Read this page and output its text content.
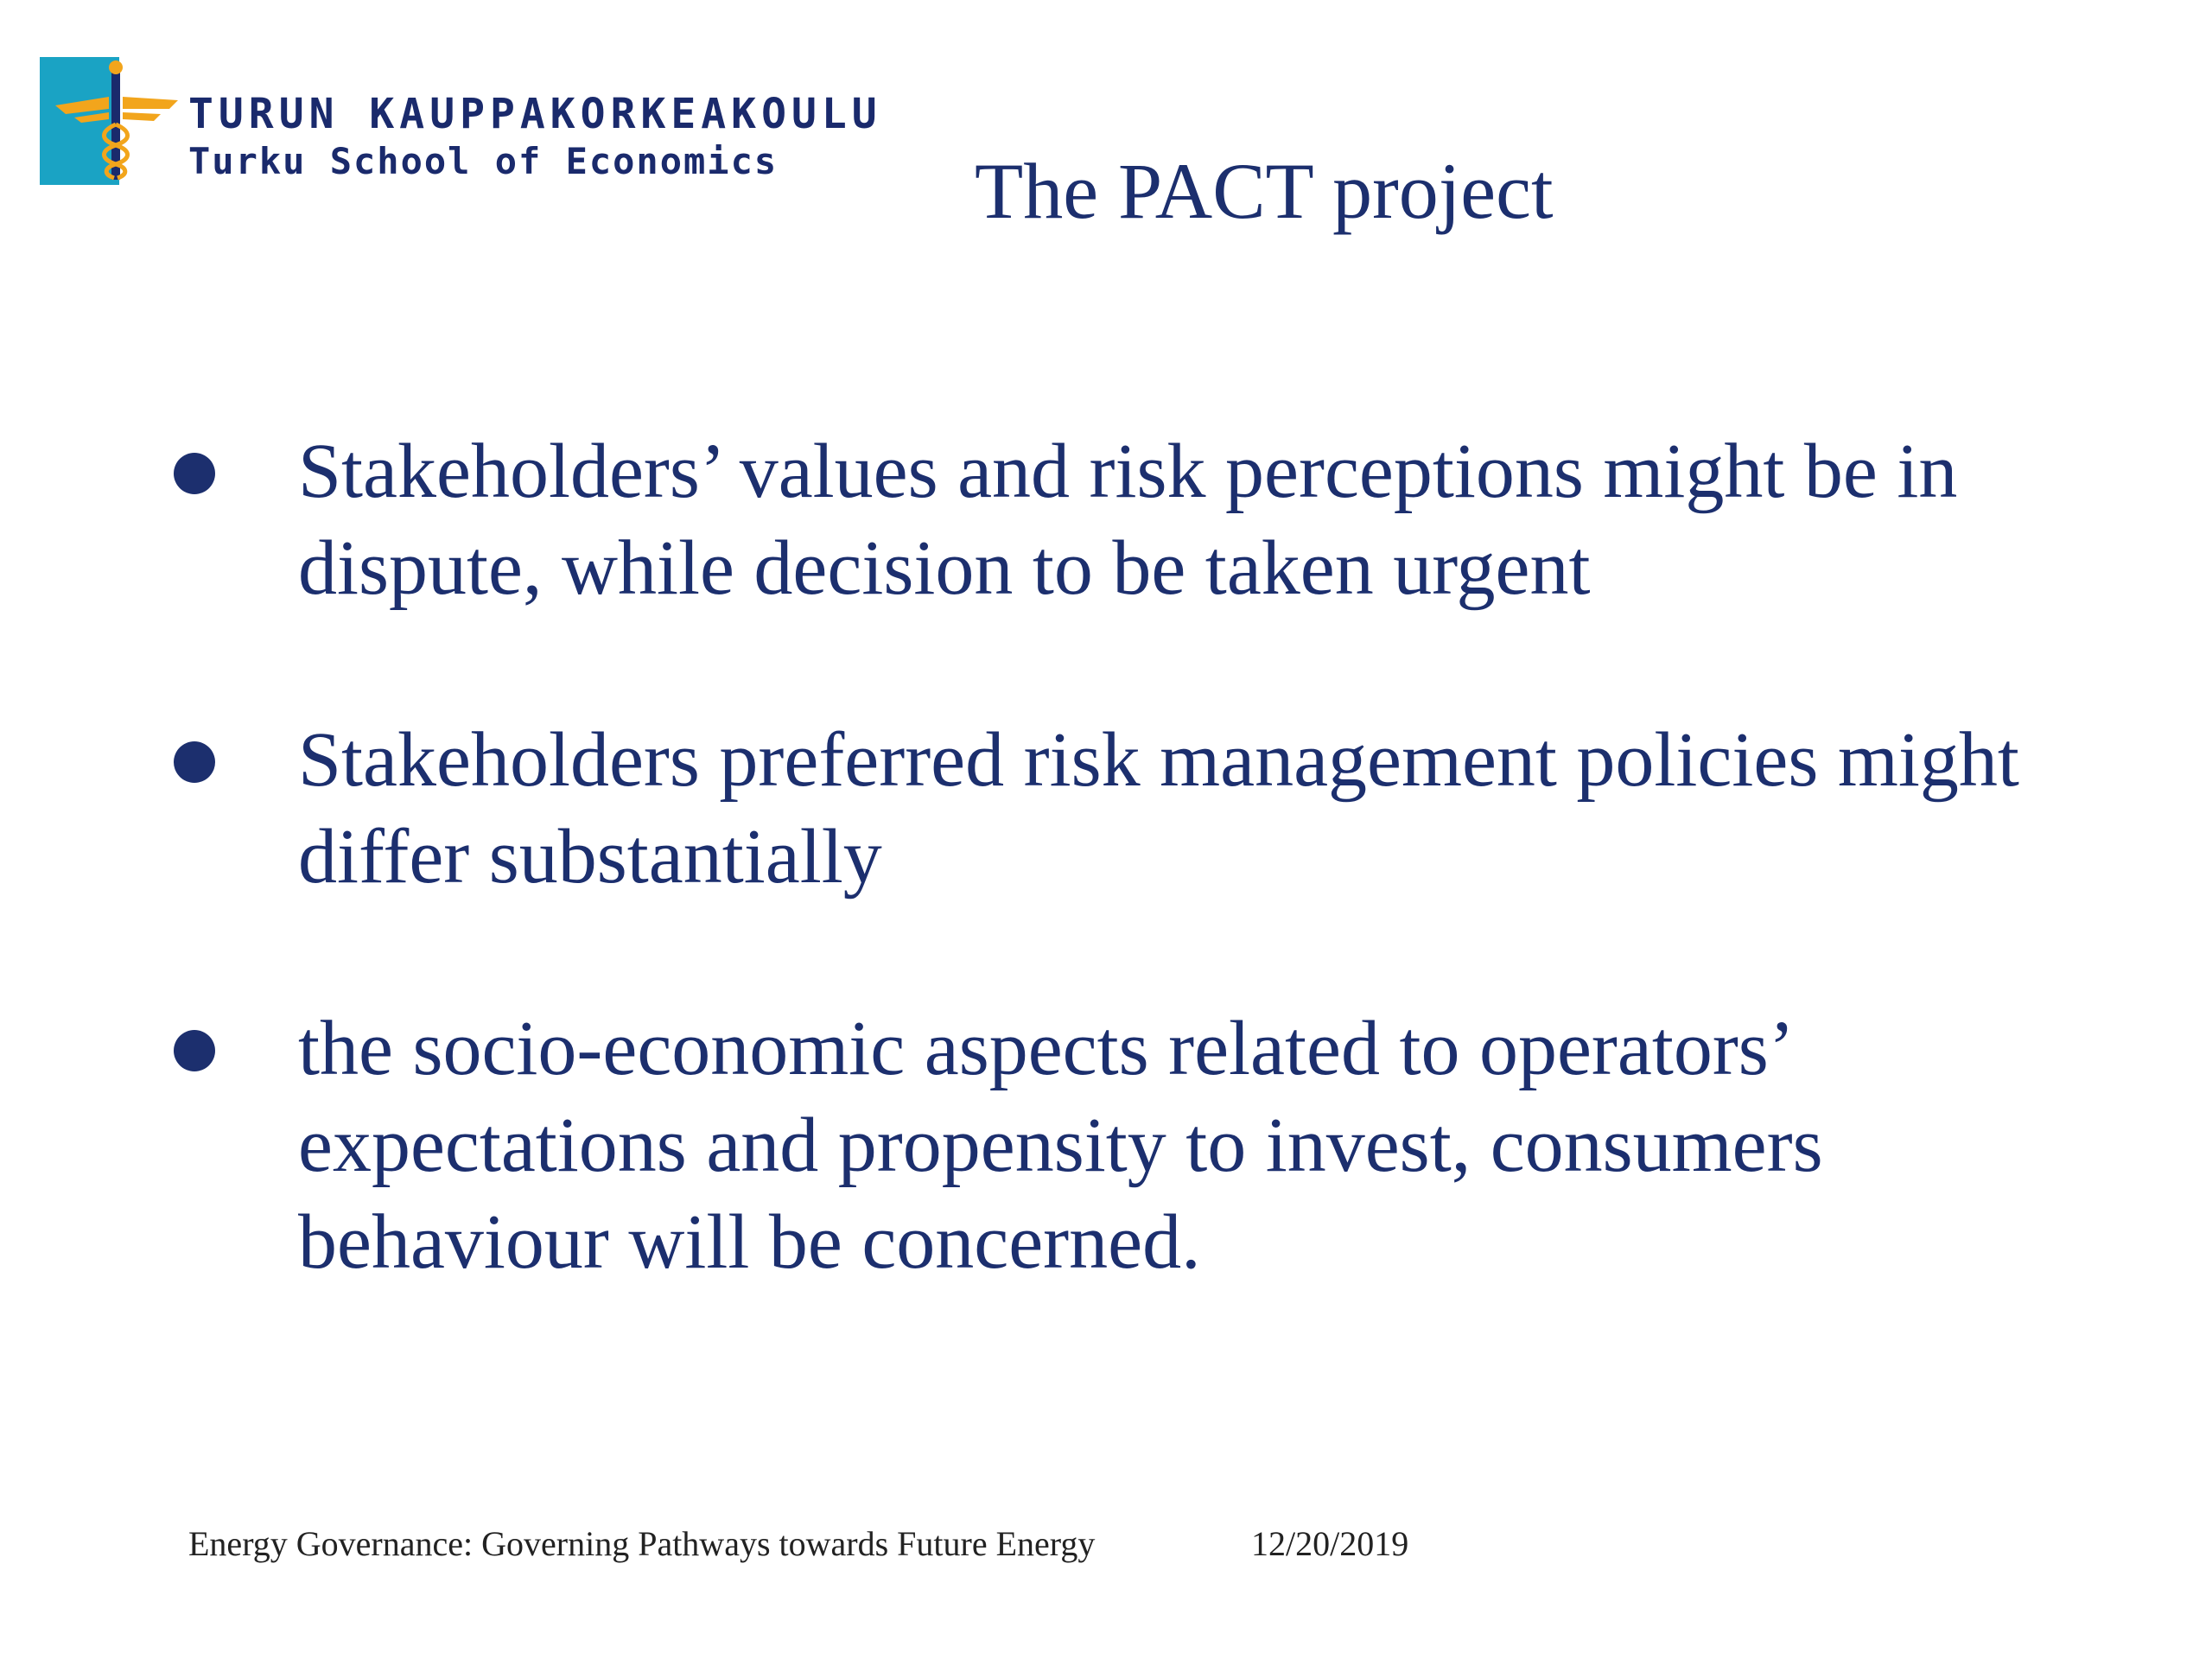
TURUN KAUPPAKORKEAKOULU
Turku School of Economics The PACT project
Stakeholders’ values and risk perceptions might be in dispute, while decision to be taken urgent
Stakeholders preferred risk management policies might differ substantially
the socio-economic aspects related to operators’ expectations and propensity to invest, consumers behaviour will be concerned.
Energy Governance: Governing Pathways towards Future Energy	12/20/2019
